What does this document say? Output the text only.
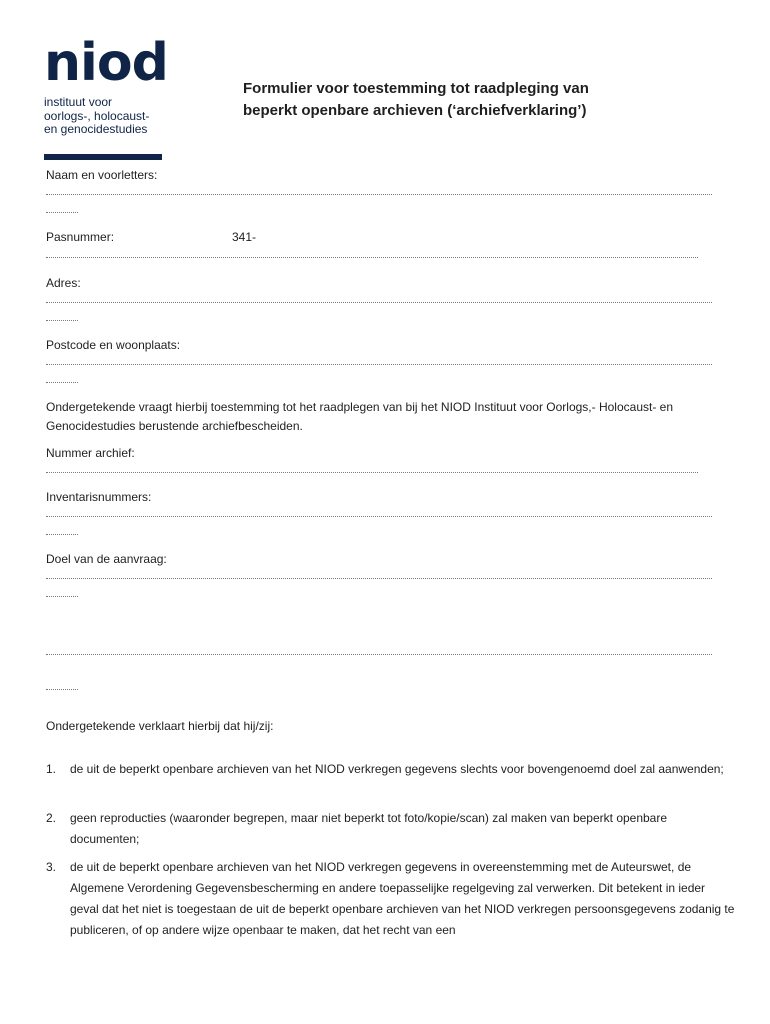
niod
instituut voor
oorlogs-, holocaust-
en genocidestudies
Formulier voor toestemming tot raadpleging van
beperkt openbare archieven (‘archiefverklaring’)
Naam en voorletters:
Pasnummer:	341-
Adres:
Postcode en woonplaats:
Ondergetekende vraagt hierbij toestemming tot het raadplegen van bij het NIOD Instituut voor Oorlogs,- Holocaust- en Genocidestudies berustende archiefbescheiden.
Nummer archief:
Inventarisnummers:
Doel van de aanvraag:
Ondergetekende verklaart hierbij dat hij/zij:
1.	de uit de beperkt openbare archieven van het NIOD verkregen gegevens slechts voor bovengenoemd doel zal aanwenden;
2.	geen reproducties (waaronder begrepen, maar niet beperkt tot foto/kopie/scan) zal maken van beperkt openbare documenten;
3.	de uit de beperkt openbare archieven van het NIOD verkregen gegevens in overeenstemming met de Auteurswet, de Algemene Verordening Gegevensbescherming en andere toepasselijke regelgeving zal verwerken. Dit betekent in ieder geval dat het niet is toegestaan de uit de beperkt openbare archieven van het NIOD verkregen persoonsgegevens zodanig te publiceren, of op andere wijze openbaar te maken, dat het recht van een
